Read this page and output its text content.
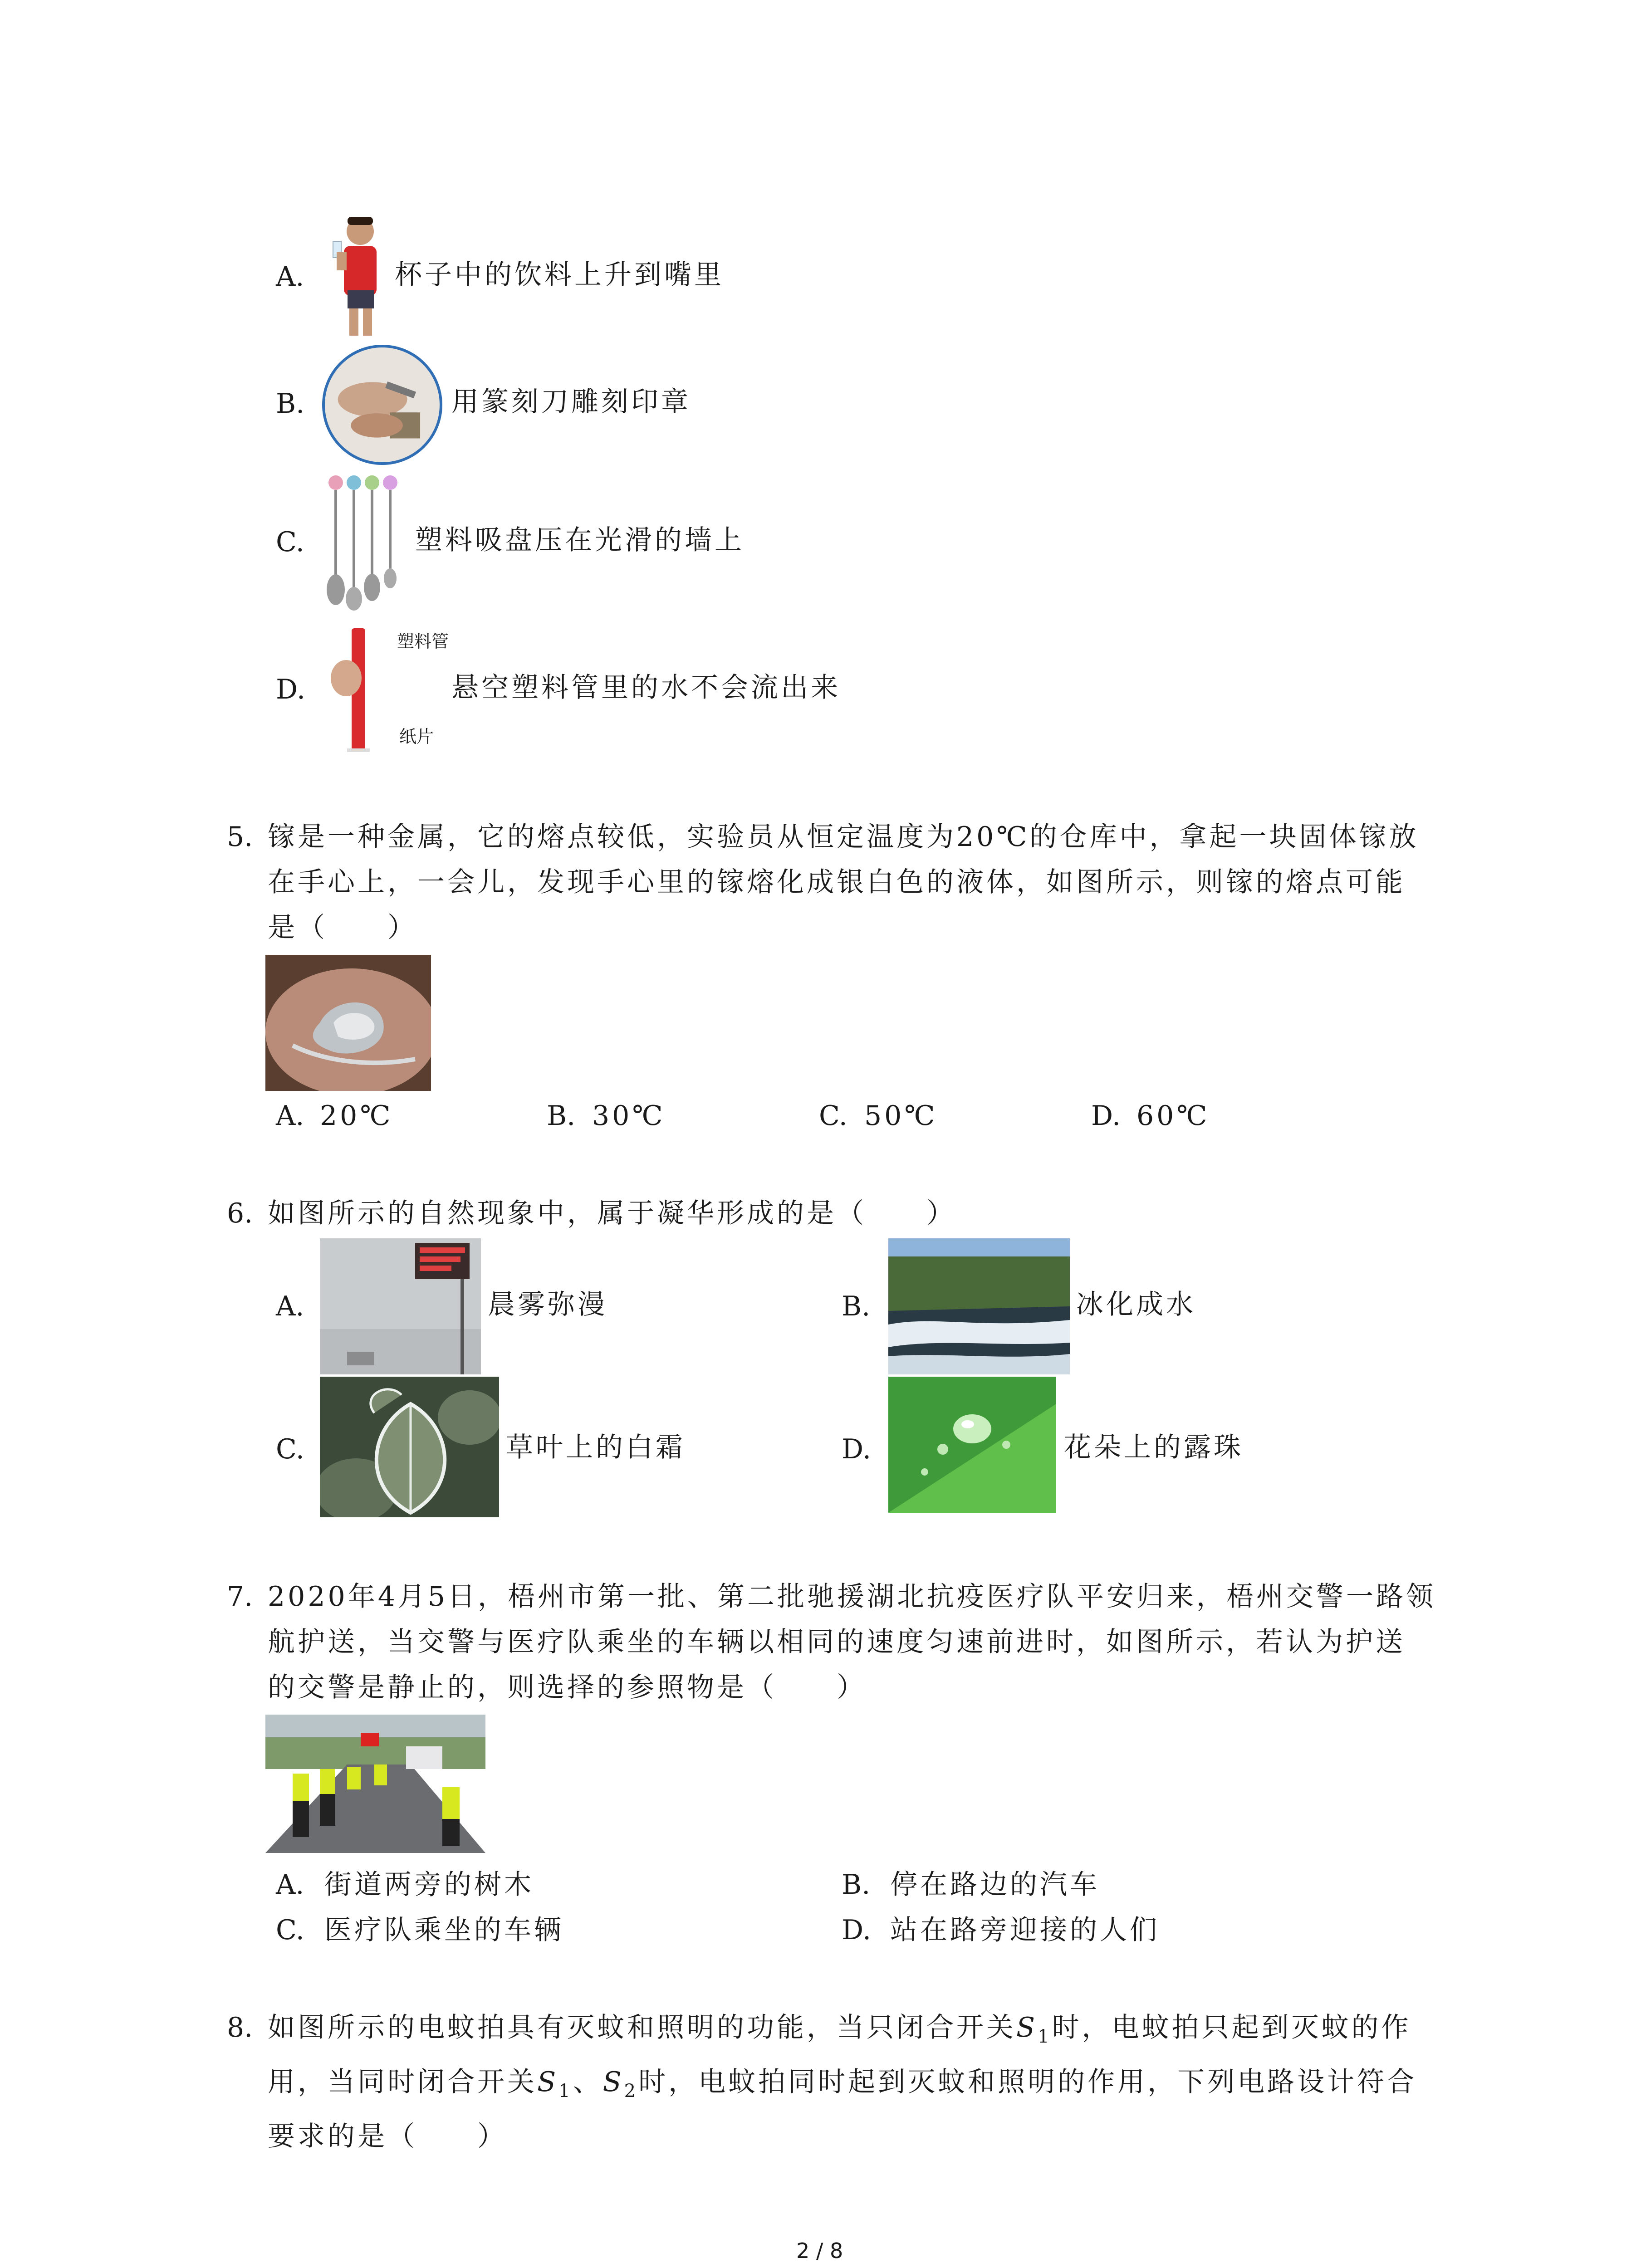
A.	杯子中的饮料上升到嘴里
B.	用篆刻刀雕刻印章
C.	塑料吸盘压在光滑的墙上
D.
塑料管
纸片
悬空塑料管里的水不会流出来
5. 镓是一种金属，它的熔点较低，实验员从恒定温度为20℃的仓库中，拿起一块固体镓放
在手心上，一会儿，发现手心里的镓熔化成银白色的液体，如图所示，则镓的熔点可能
是（　　）
A. 20℃	B. 30℃	C. 50℃	D. 60℃
6. 如图所示的自然现象中，属于凝华形成的是（　　）
A.	晨雾弥漫	B.	冰化成水
C.	草叶上的白霜	D.	花朵上的露珠
7. 2020年4月5日，梧州市第一批、第二批驰援湖北抗疫医疗队平安归来，梧州交警一路领
航护送，当交警与医疗队乘坐的车辆以相同的速度匀速前进时，如图所示，若认为护送
的交警是静止的，则选择的参照物是（　　）
A. 街道两旁的树木	B. 停在路边的汽车
C. 医疗队乘坐的车辆	D. 站在路旁迎接的人们
8. 如图所示的电蚊拍具有灭蚊和照明的功能，当只闭合开关$S_1$时，电蚊拍只起到灭蚊的作
用，当同时闭合开关$S_1$、$S_2$时，电蚊拍同时起到灭蚊和照明的作用，下列电路设计符合
要求的是（　　）
2 / 8
